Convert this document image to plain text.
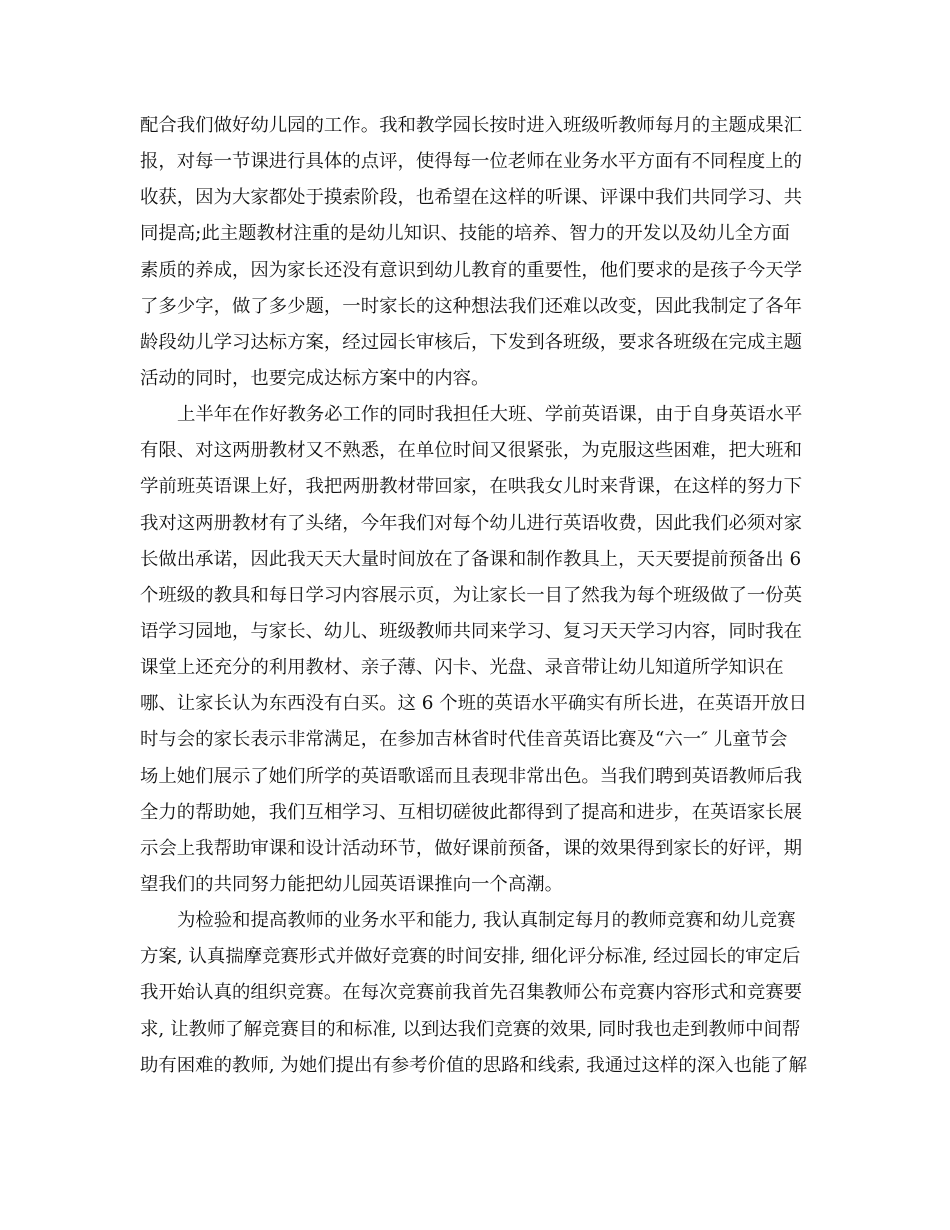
配合我们做好幼儿园的工作。我和教学园长按时进入班级听教师每月的主题成果汇
报，对每一节课进行具体的点评，使得每一位老师在业务水平方面有不同程度上的
收获，因为大家都处于摸索阶段，也希望在这样的听课、评课中我们共同学习、共
同提高;此主题教材注重的是幼儿知识、技能的培养、智力的开发以及幼儿全方面
素质的养成，因为家长还没有意识到幼儿教育的重要性，他们要求的是孩子今天学
了多少字，做了多少题，一时家长的这种想法我们还难以改变，因此我制定了各年
龄段幼儿学习达标方案，经过园长审核后，下发到各班级，要求各班级在完成主题
活动的同时，也要完成达标方案中的内容。
上半年在作好教务必工作的同时我担任大班、学前英语课，由于自身英语水平
有限、对这两册教材又不熟悉，在单位时间又很紧张，为克服这些困难，把大班和
学前班英语课上好，我把两册教材带回家，在哄我女儿时来背课，在这样的努力下
我对这两册教材有了头绪，今年我们对每个幼儿进行英语收费，因此我们必须对家
长做出承诺，因此我天天大量时间放在了备课和制作教具上，天天要提前预备出 6
个班级的教具和每日学习内容展示页，为让家长一目了然我为每个班级做了一份英
语学习园地，与家长、幼儿、班级教师共同来学习、复习天天学习内容，同时我在
课堂上还充分的利用教材、亲子薄、闪卡、光盘、录音带让幼儿知道所学知识在
哪、让家长认为东西没有白买。这 6 个班的英语水平确实有所长进，在英语开放日
时与会的家长表示非常满足，在参加吉林省时代佳音英语比赛及“六一″ 儿童节会
场上她们展示了她们所学的英语歌谣而且表现非常出色。当我们聘到英语教师后我
全力的帮助她，我们互相学习、互相切磋彼此都得到了提高和进步，在英语家长展
示会上我帮助审课和设计活动环节，做好课前预备，课的效果得到家长的好评，期
望我们的共同努力能把幼儿园英语课推向一个高潮。
为检验和提高教师的业务水平和能力, 我认真制定每月的教师竞赛和幼儿竞赛
方案, 认真揣摩竞赛形式并做好竞赛的时间安排, 细化评分标准, 经过园长的审定后
我开始认真的组织竞赛。在每次竞赛前我首先召集教师公布竞赛内容形式和竞赛要
求, 让教师了解竞赛目的和标准, 以到达我们竞赛的效果, 同时我也走到教师中间帮
助有困难的教师, 为她们提出有参考价值的思路和线索, 我通过这样的深入也能了解
